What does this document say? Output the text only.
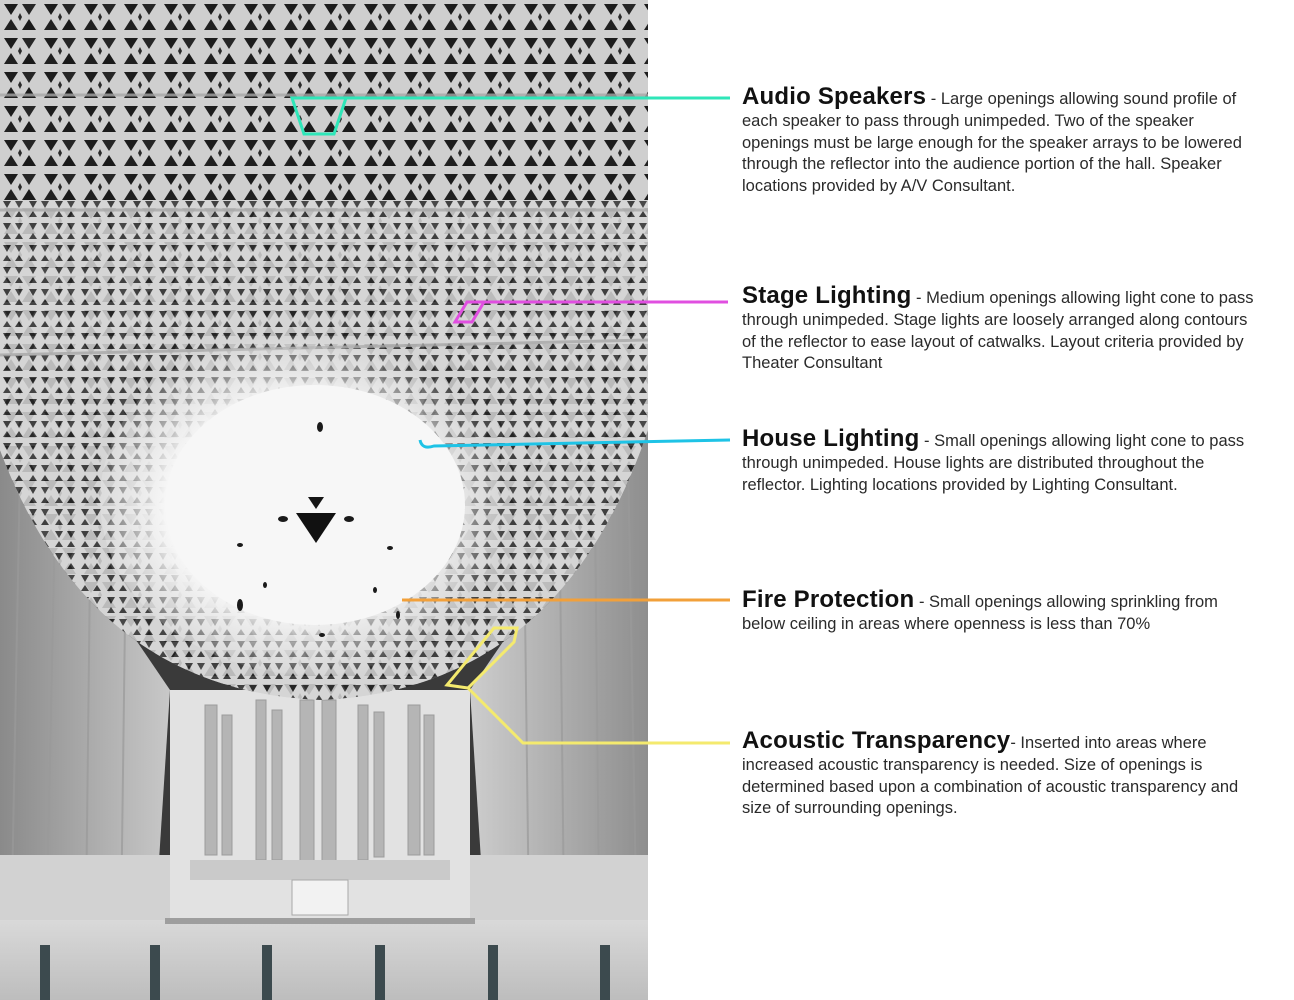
Audio Speakers - Large openings allowing sound profile of each speaker to pass through unimpeded. Two of the speaker openings must be large enough for the speaker arrays to be lowered through the reflector into the audience portion of the hall. Speaker locations provided by A/V Consultant.
Stage Lighting - Medium openings allowing light cone to pass through unimpeded. Stage lights are loosely arranged along contours of the reflector to ease layout of catwalks. Layout criteria provided by Theater Consultant
House Lighting - Small openings allowing light cone to pass through unimpeded. House lights are distributed throughout the reflector. Lighting locations provided by Lighting Consultant.
Fire Protection - Small openings allowing sprinkling from below ceiling in areas where openness is less than 70%
Acoustic Transparency- Inserted into areas where increased acoustic transparency is needed. Size of openings is determined based upon a combination of acoustic transparency and size of surrounding openings.
